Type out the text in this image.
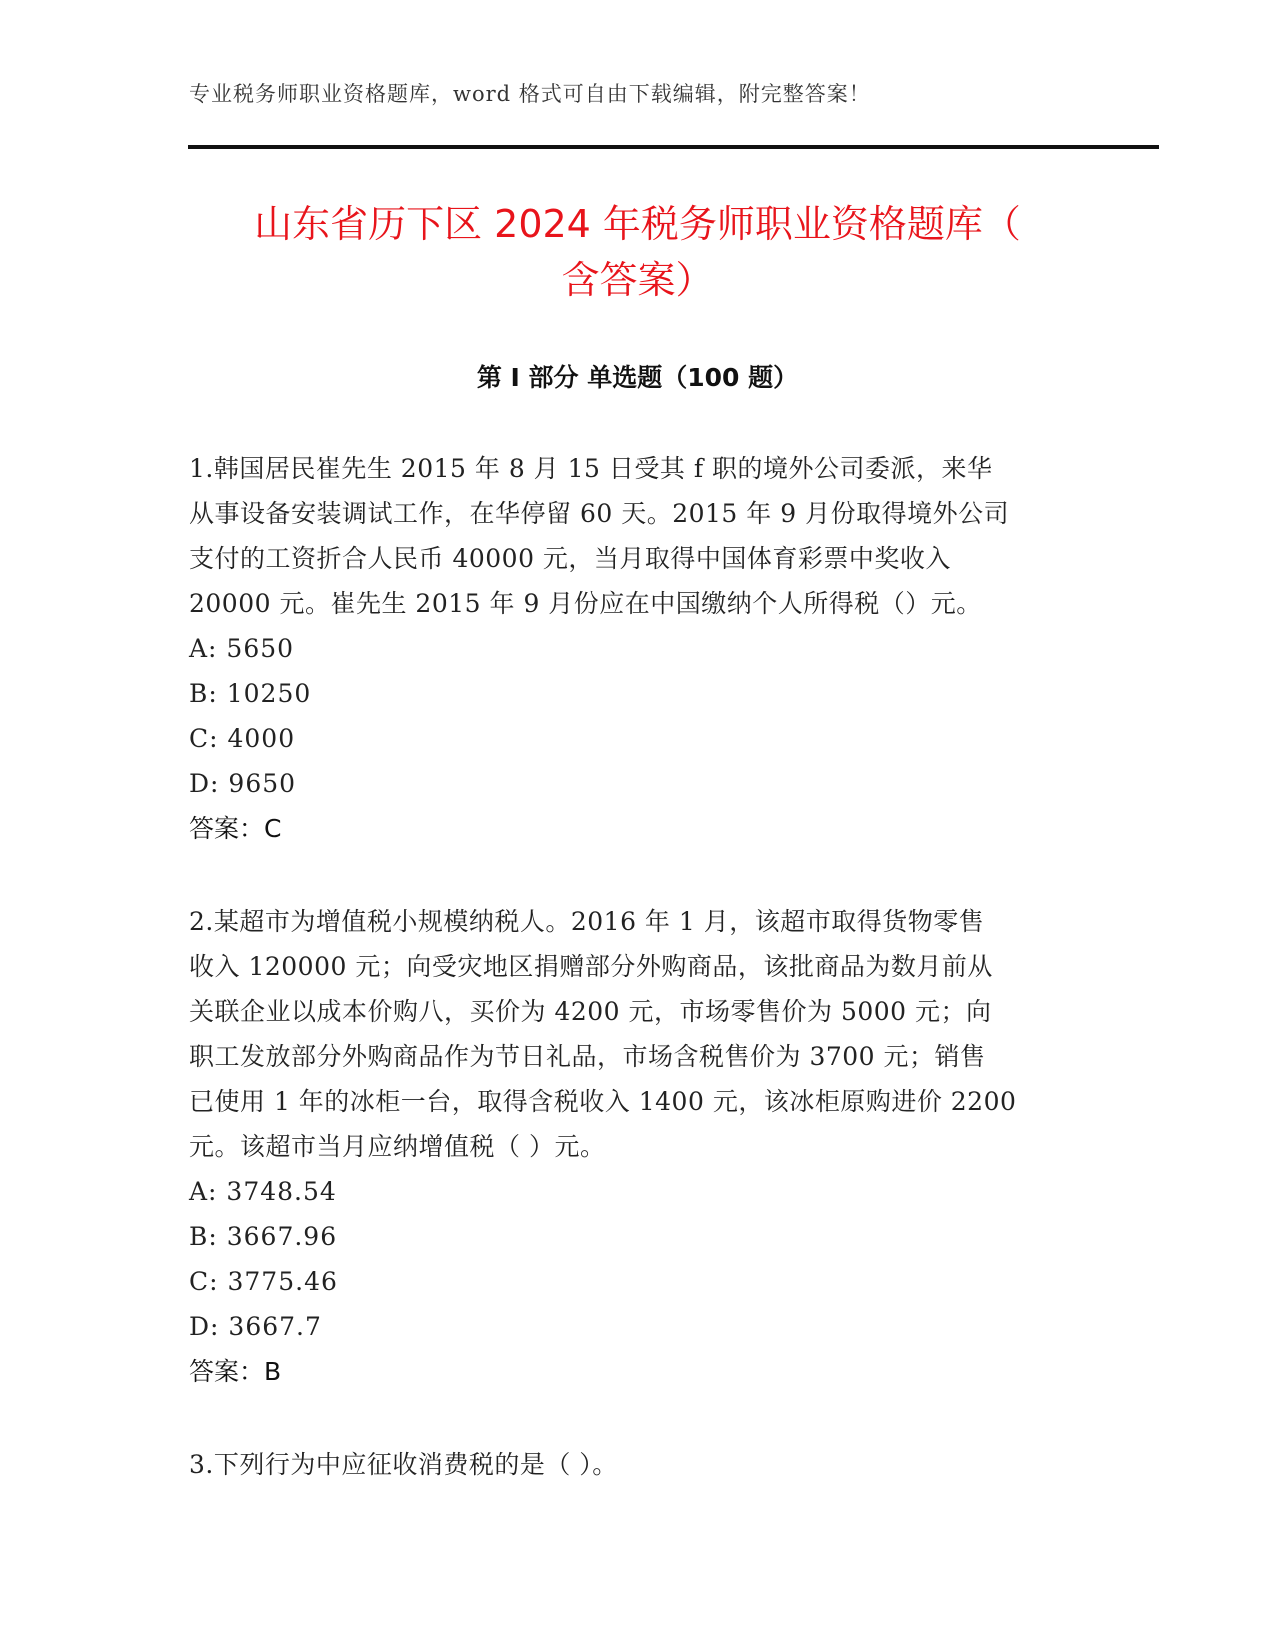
专业税务师职业资格题库，word 格式可自由下载编辑，附完整答案！
山东省历下区 2024 年税务师职业资格题库（
含答案）
第 I 部分 单选题（100 题）

1.韩国居民崔先生 2015 年 8 月 15 日受其 f 职的境外公司委派，来华
从事设备安装调试工作，在华停留 60 天。2015 年 9 月份取得境外公司
支付的工资折合人民币 40000 元，当月取得中国体育彩票中奖收入
20000 元。崔先生 2015 年 9 月份应在中国缴纳个人所得税（）元。

A: 5650

B: 10250

C: 4000

D: 9650

答案：C

2.某超市为增值税小规模纳税人。2016 年 1 月，该超市取得货物零售
收入 120000 元；向受灾地区捐赠部分外购商品，该批商品为数月前从
关联企业以成本价购八，买价为 4200 元，市场零售价为 5000 元；向
职工发放部分外购商品作为节日礼品，市场含税售价为 3700 元；销售
已使用 1 年的冰柜一台，取得含税收入 1400 元，该冰柜原购进价 2200
元。该超市当月应纳增值税（ ）元。

A: 3748.54

B: 3667.96

C: 3775.46

D: 3667.7

答案：B

3.下列行为中应征收消费税的是（ ）。
